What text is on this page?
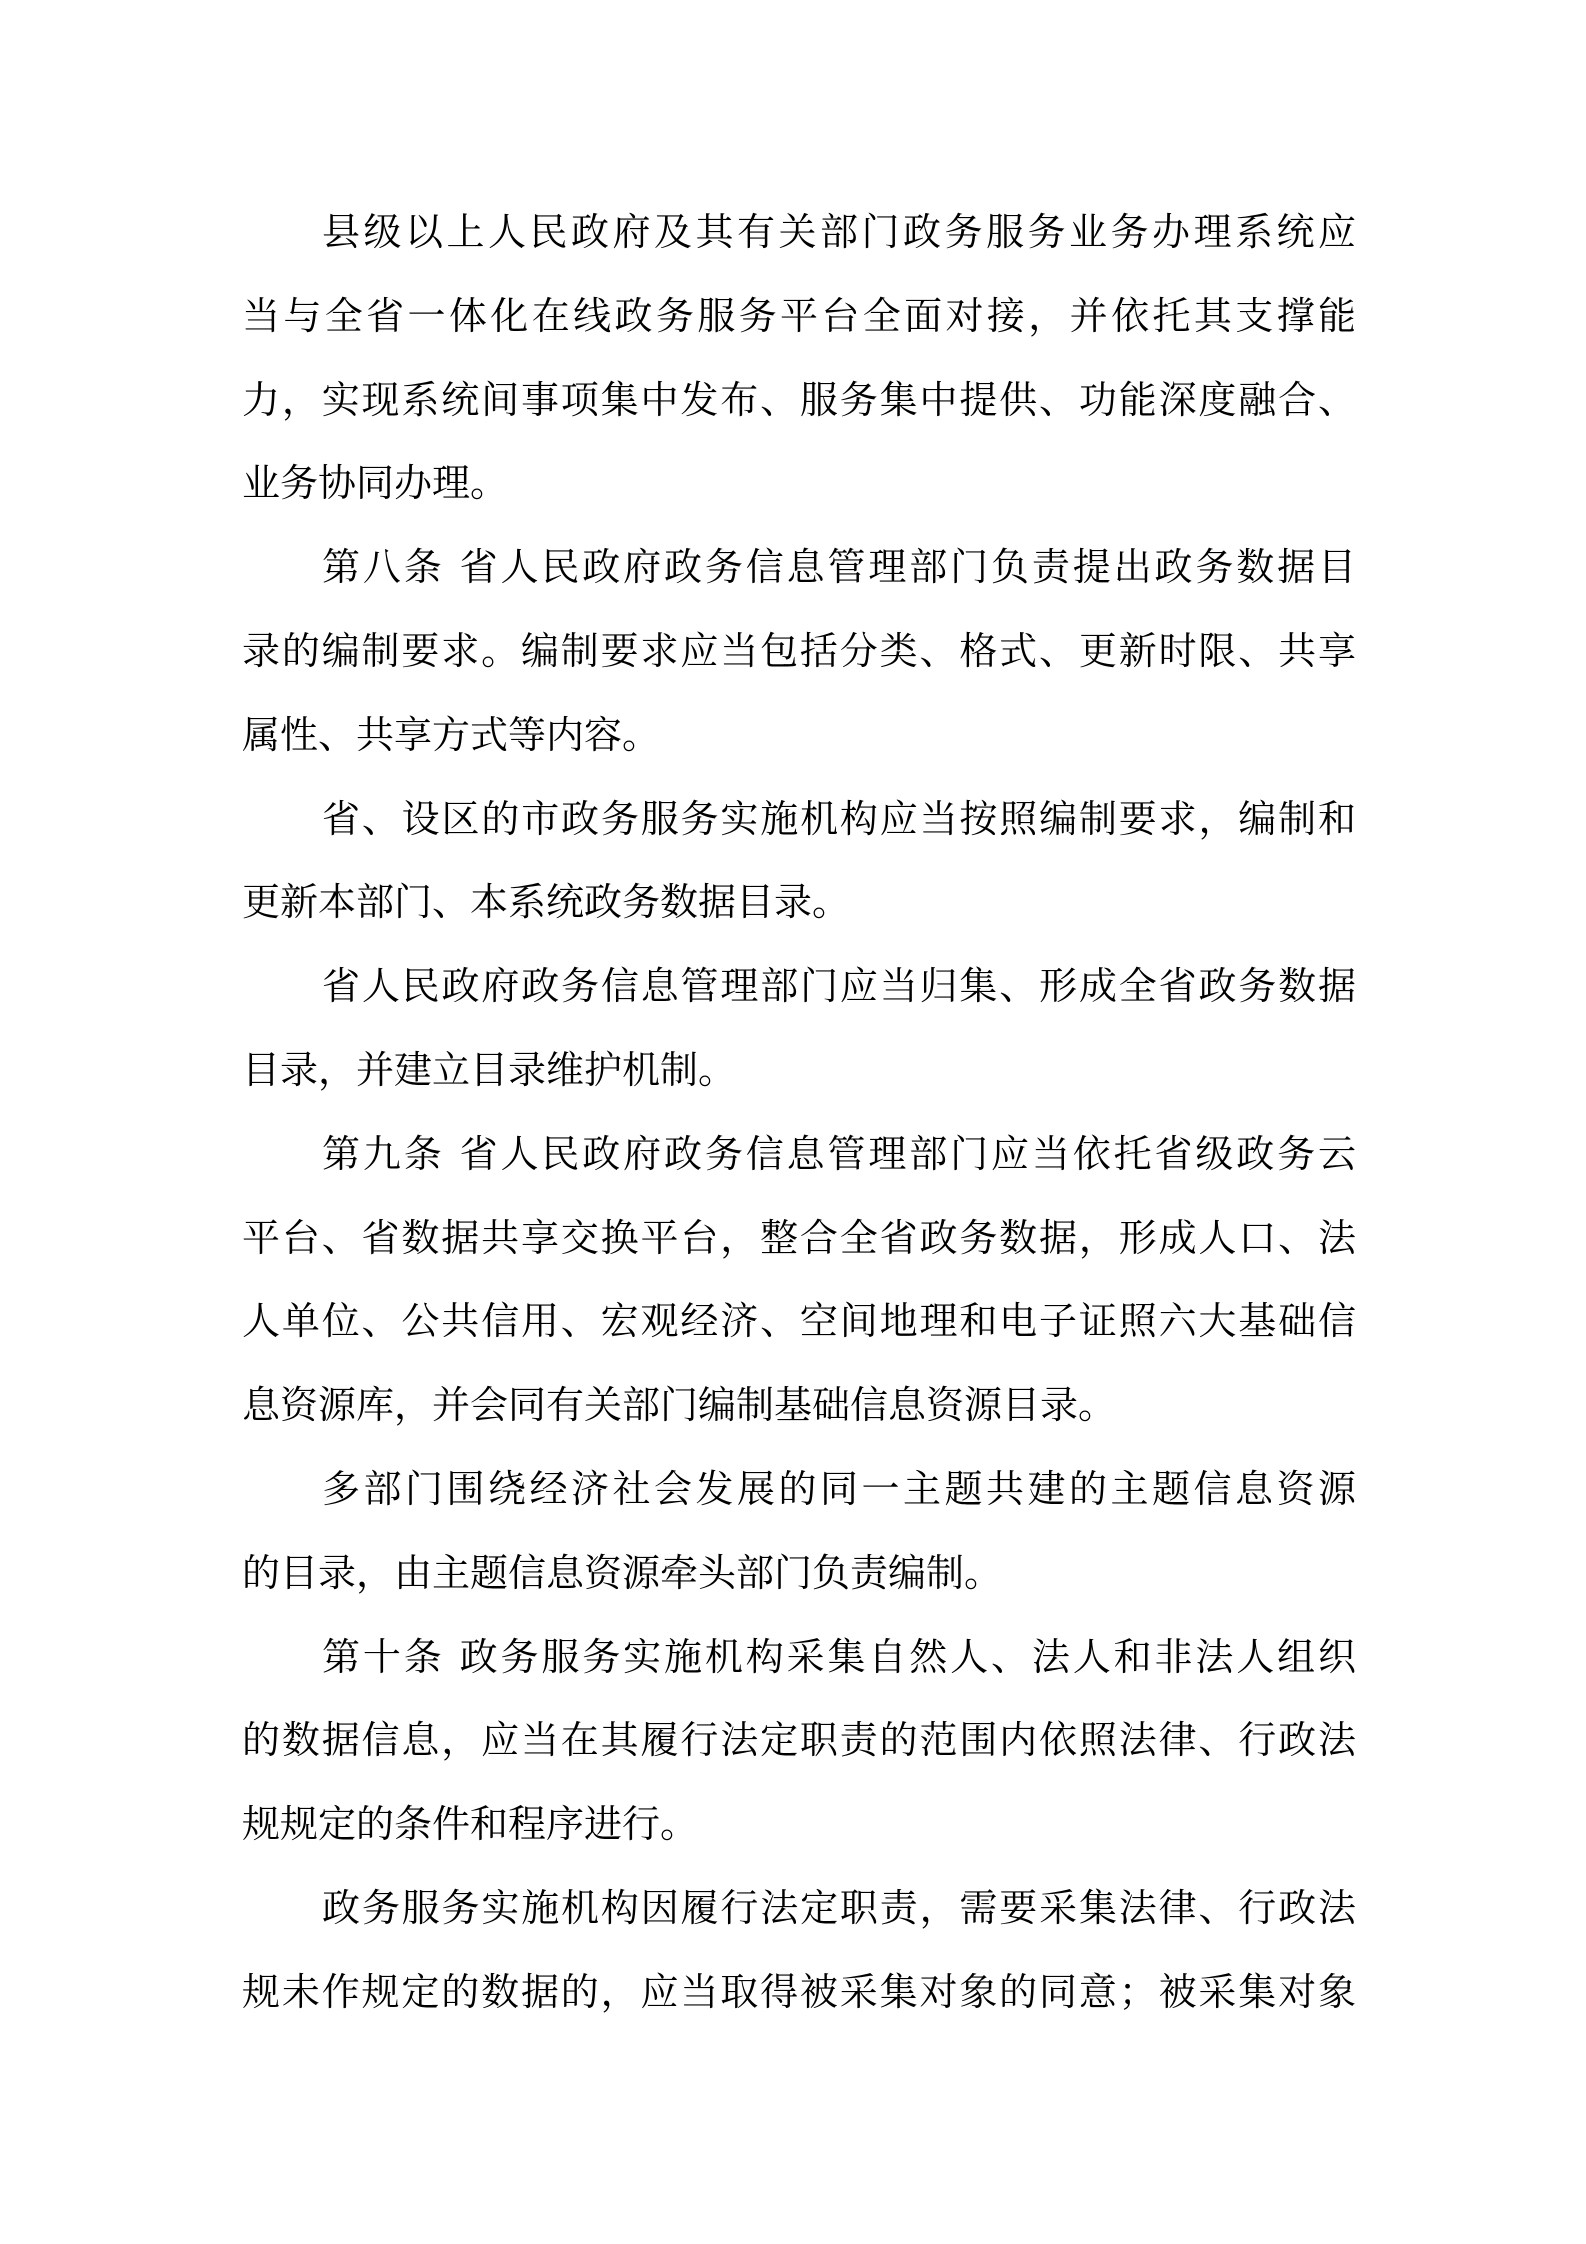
县级以上人民政府及其有关部门政务服务业务办理系统应
当与全省一体化在线政务服务平台全面对接，并依托其支撑能
力，实现系统间事项集中发布、服务集中提供、功能深度融合、
业务协同办理。
第八条 省人民政府政务信息管理部门负责提出政务数据目
录的编制要求。编制要求应当包括分类、格式、更新时限、共享
属性、共享方式等内容。
省、设区的市政务服务实施机构应当按照编制要求，编制和
更新本部门、本系统政务数据目录。
省人民政府政务信息管理部门应当归集、形成全省政务数据
目录，并建立目录维护机制。
第九条 省人民政府政务信息管理部门应当依托省级政务云
平台、省数据共享交换平台，整合全省政务数据，形成人口、法
人单位、公共信用、宏观经济、空间地理和电子证照六大基础信
息资源库，并会同有关部门编制基础信息资源目录。
多部门围绕经济社会发展的同一主题共建的主题信息资源
的目录，由主题信息资源牵头部门负责编制。
第十条 政务服务实施机构采集自然人、法人和非法人组织
的数据信息，应当在其履行法定职责的范围内依照法律、行政法
规规定的条件和程序进行。
政务服务实施机构因履行法定职责，需要采集法律、行政法
规未作规定的数据的，应当取得被采集对象的同意；被采集对象
